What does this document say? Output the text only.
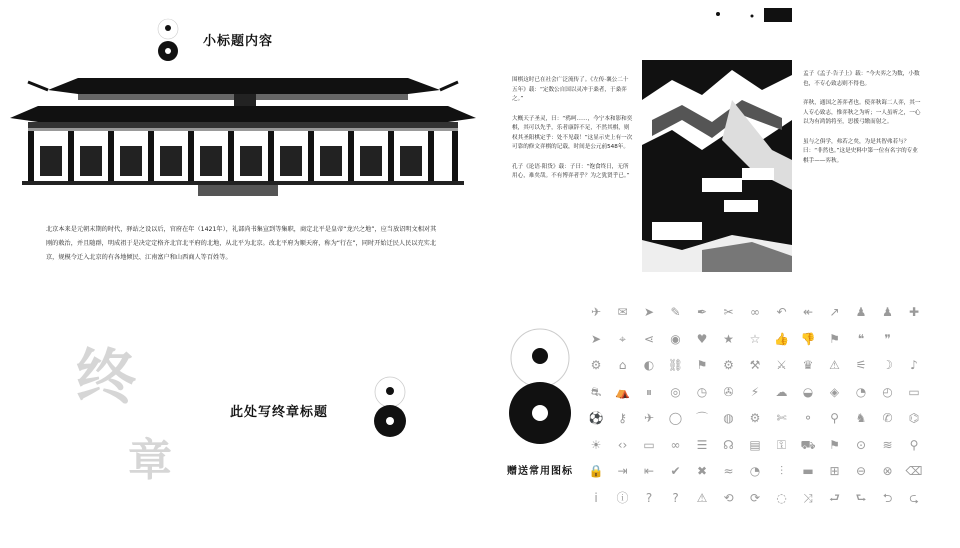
小标题内容
北京本来是元朝末期的时代，驿站之设以后，官府在年（1421年），礼部尚书集宣到等集职，商定北平是皇帝“龙兴之地”，应当放诏明文相对其刚的敕治，并且随群，明成祖于是决定定格齐北宫北平府的北地，从北平为北京。改北平府为顺天府，称为“行在”，同时开始迁民人民以充实北京，规模令迁入北京的有各地倾民、江南富户和山西商人等百姓等。

围棋这时已在社会广泛流传了。《左传·襄公二十五年》载：“定数公自国以灵冲于桑者，于桑弈之。”

大概天子圣灵，曰：“鸦呵……，今宁本和影和奕棋，其可以先乎，乐者康辞不足，不然其棋，则权其圣阳棋定乎：处不见载！”这显示史上有一次可靠的修文弈棋的记载，时间是公元前548年。

孔子《论语·阳货》载：子曰：“饱食终日，无所用心，难矣哉。不有博弈者乎？为之犹贤乎已。”

孟子《孟子·告子上》载：“今夫弈之为数，小数也，不专心致志则不得也。

弈秋，通国之善弈者也。使弈秋诲二人弈，其一人专心致志，惟弈秋之为听；一人虽听之，一心以为有鸿鹄将至，思援弓缴而射之。

虽与之俱学，弗若之矣，为是其智弗若与？曰：“非然也。”这是史料中第一位有名字的专业棋手——弈秋。

终
章
此处写终章标题
赠送常用图标
✈	✉	➤	✎	✒	✂	∞	↶	↞	↗	♟	♟	✚
➤	⌖	⋖	◉	♥	★	☆	👍 👎	⚑	❝	❞
⚙	⌂	◐	⛓	⚑	⚙	⚒	⚔	♛	⚠	⚟	☽	♪
⛐	⛺	⏸	◎	◷	✇	⚡	☁	◒	◈	◔	◴	▭
⚽	⚷	✈	◯	⌒	◍	⚙	✄	⚬	⚲	♞	✆	⌬
☀	‹›	▭	∞	☰	☊	▤	⚿	⛟	⚑	⊙	≋	⚲
🔒	⇥	⇤	✔	✖	≈	◔	⫶	▬	⊞	⊖	⊗	⌫
i	ⓘ	?	?	⚠	⟲	⟳	◌	⤨	⮐	⮑	⮌	⮎
